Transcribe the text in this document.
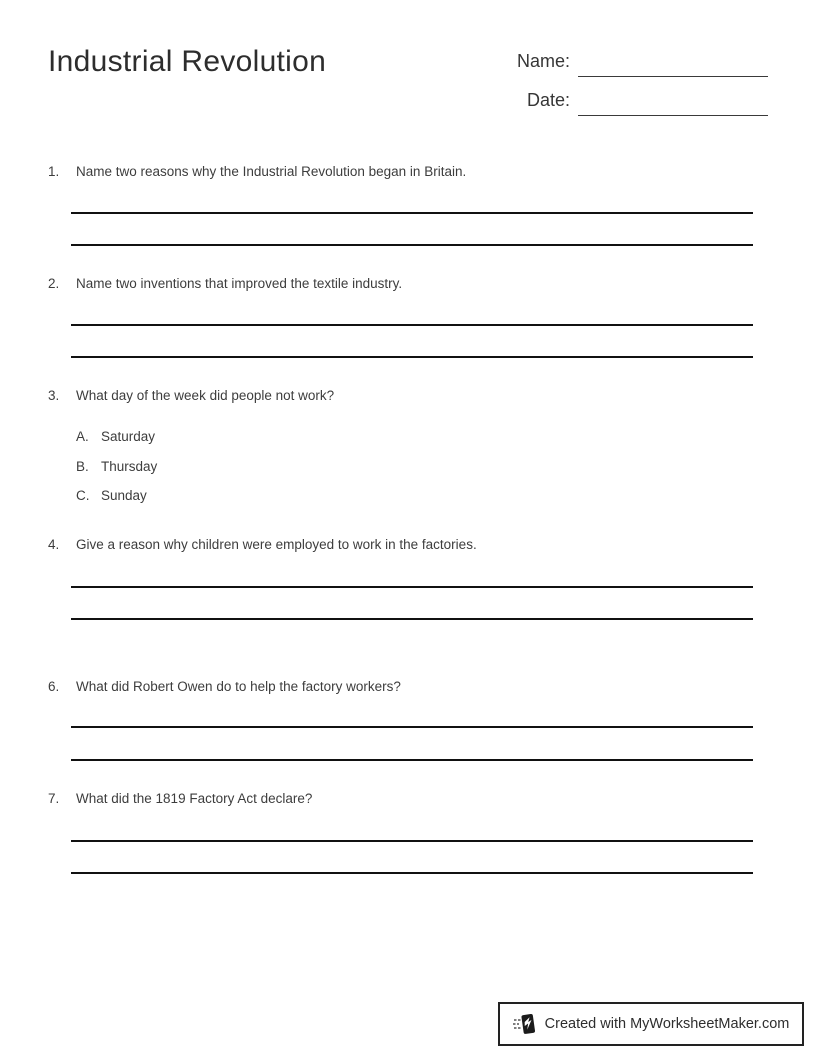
Industrial Revolution	Name:
Date:
1.	Name two reasons why the Industrial Revolution began in Britain.
2.	Name two inventions that improved the textile industry.
3.	What day of the week did people not work?
A. Saturday
B. Thursday
C. Sunday
4.	Give a reason why children were employed to work in the factories.
6.	What did Robert Owen do to help the factory workers?
7.	What did the 1819 Factory Act declare?
Created with MyWorksheetMaker.com
